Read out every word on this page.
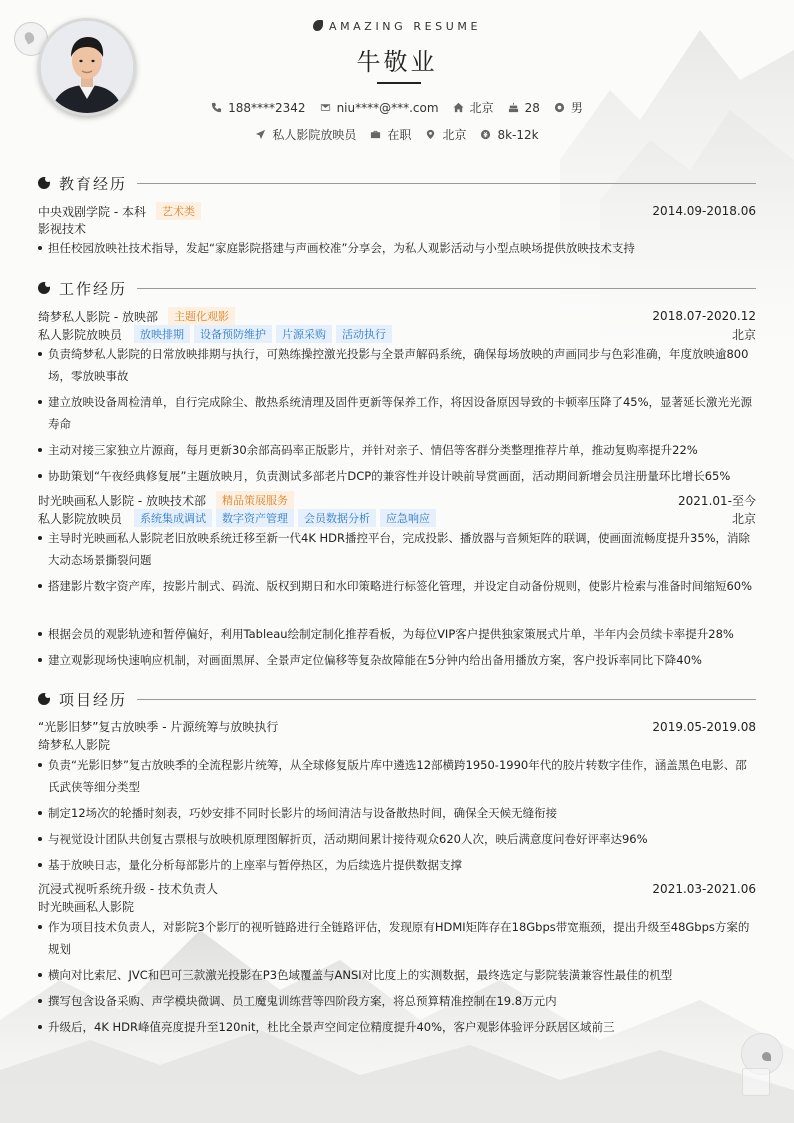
AMAZING RESUME
牛敬业
188****2342	niu****@***.com	北京	28	男
私人影院放映员	在职	北京	8k-12k
教育经历
中央戏剧学院 - 本科	艺术类	2014.09-2018.06
影视技术
担任校园放映社技术指导，发起“家庭影院搭建与声画校准”分享会，为私人观影活动与小型点映场提供放映技术支持
工作经历
绮梦私人影院 - 放映部	主题化观影	2018.07-2020.12
私人影院放映员	放映排期	设备预防维护	片源采购	活动执行	北京
负责绮梦私人影院的日常放映排期与执行，可熟练操控激光投影与全景声解码系统，确保每场放映的声画同步与色彩准确，年度放映逾800场，零放映事故
建立放映设备周检清单，自行完成除尘、散热系统清理及固件更新等保养工作，将因设备原因导致的卡顿率压降了45%，显著延长激光光源寿命
主动对接三家独立片源商，每月更新30余部高码率正版影片，并针对亲子、情侣等客群分类整理推荐片单，推动复购率提升22%
协助策划“午夜经典修复展”主题放映月，负责测试多部老片DCP的兼容性并设计映前导赏画面，活动期间新增会员注册量环比增长65%
时光映画私人影院 - 放映技术部	精品策展服务	2021.01-至今
私人影院放映员	系统集成调试	数字资产管理	会员数据分析	应急响应	北京
主导时光映画私人影院老旧放映系统迁移至新一代4K HDR播控平台，完成投影、播放器与音频矩阵的联调，使画面流畅度提升35%，消除大动态场景撕裂问题
搭建影片数字资产库，按影片制式、码流、版权到期日和水印策略进行标签化管理，并设定自动备份规则，使影片检索与准备时间缩短60%
根据会员的观影轨迹和暂停偏好，利用Tableau绘制定制化推荐看板，为每位VIP客户提供独家策展式片单，半年内会员续卡率提升28%
建立观影现场快速响应机制，对画面黑屏、全景声定位偏移等复杂故障能在5分钟内给出备用播放方案，客户投诉率同比下降40%
项目经历
“光影旧梦”复古放映季 - 片源统筹与放映执行	2019.05-2019.08
绮梦私人影院
负责“光影旧梦”复古放映季的全流程影片统筹，从全球修复版片库中遴选12部横跨1950-1990年代的胶片转数字佳作，涵盖黑色电影、邵氏武侠等细分类型
制定12场次的轮播时刻表，巧妙安排不同时长影片的场间清洁与设备散热时间，确保全天候无缝衔接
与视觉设计团队共创复古票根与放映机原理图解折页，活动期间累计接待观众620人次，映后满意度问卷好评率达96%
基于放映日志，量化分析每部影片的上座率与暂停热区，为后续选片提供数据支撑
沉浸式视听系统升级 - 技术负责人	2021.03-2021.06
时光映画私人影院
作为项目技术负责人，对影院3个影厅的视听链路进行全链路评估，发现原有HDMI矩阵存在18Gbps带宽瓶颈，提出升级至48Gbps方案的规划
横向对比索尼、JVC和巴可三款激光投影在P3色域覆盖与ANSI对比度上的实测数据，最终选定与影院装潢兼容性最佳的机型
撰写包含设备采购、声学模块微调、员工魔鬼训练营等四阶段方案，将总预算精准控制在19.8万元内
升级后，4K HDR峰值亮度提升至120nit，杜比全景声空间定位精度提升40%，客户观影体验评分跃居区域前三
